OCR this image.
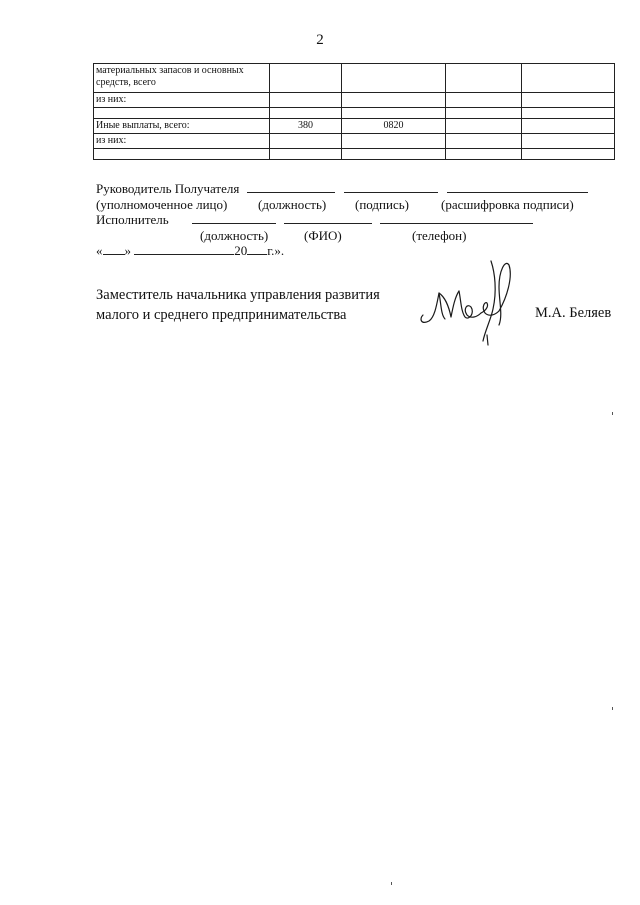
2
материальных запасов и основных средств, всего				
из них:				

Иные выплаты, всего:	380	0820		
из них:				

Руководитель Получателя
(уполномоченное лицо) (должность) (подпись) (расшифровка подписи)
Исполнитель
(должность)	(ФИО)	(телефон)
« »	20 г.».
Заместитель начальника управления развития
малого и среднего предпринимательства	М.А. Беляев
